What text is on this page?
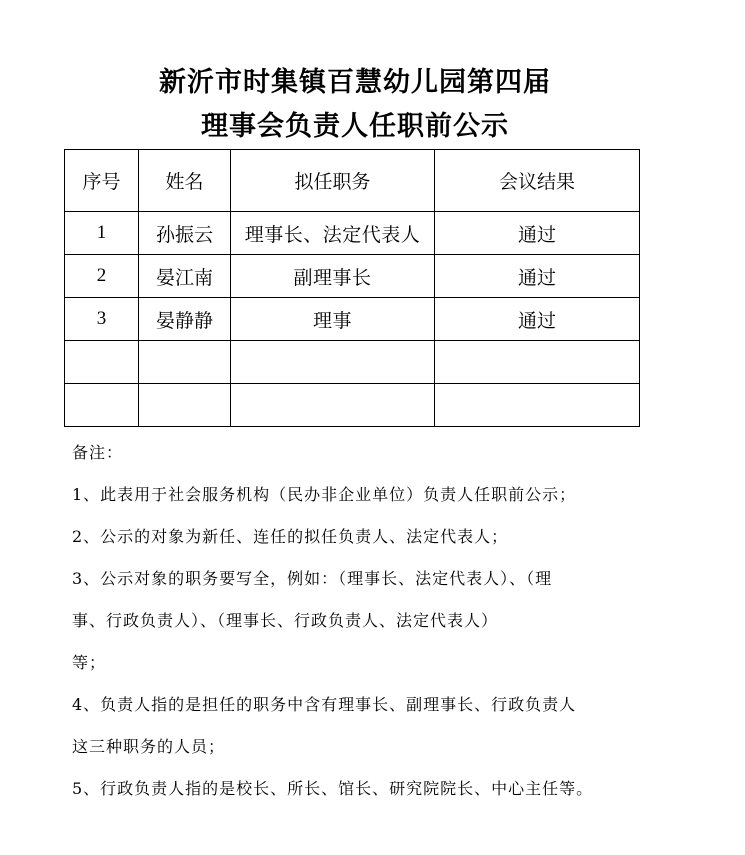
新沂市时集镇百慧幼儿园第四届
理事会负责人任职前公示
序号	姓名	拟任职务	会议结果
1	孙振云	理事长、法定代表人	通过
2	晏江南	副理事长	通过
3	晏静静	理事	通过

备注：

1、此表用于社会服务机构（民办非企业单位）负责人任职前公示；

2、公示的对象为新任、连任的拟任负责人、法定代表人；

3、公示对象的职务要写全，例如：（理事长、法定代表人）、（理

事、行政负责人）、（理事长、行政负责人、法定代表人）

等；

4、负责人指的是担任的职务中含有理事长、副理事长、行政负责人

这三种职务的人员；

5、行政负责人指的是校长、所长、馆长、研究院院长、中心主任等。
